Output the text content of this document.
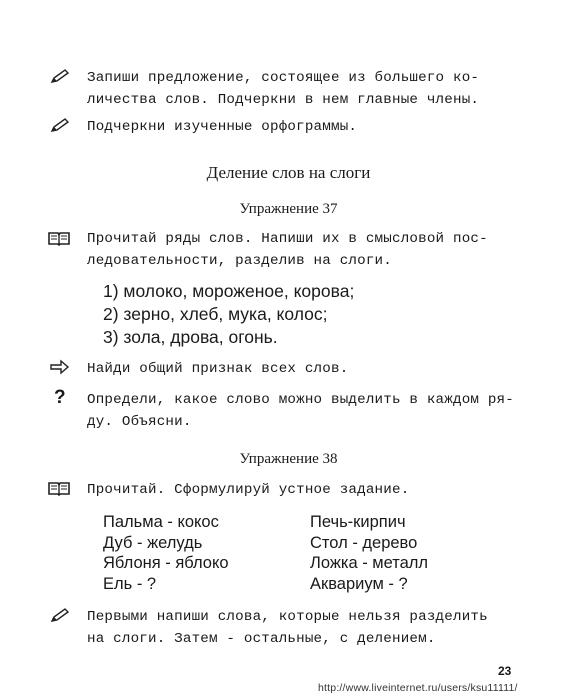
Запиши предложение, состоящее из большего ко-
личества слов. Подчеркни в нем главные члены.
Подчеркни изученные орфограммы.
Деление слов на слоги
Упражнение 37
Прочитай ряды слов. Напиши их в смысловой пос-
ледовательности, разделив на слоги.
1) молоко, мороженое, корова;
2) зерно, хлеб, мука, колос;
3) зола, дрова, огонь.
Найди общий признак всех слов.
? Определи, какое слово можно выделить в каждом ря-
ду. Объясни.
Упражнение 38
Прочитай. Сформулируй устное задание.
Пальма - кокос
Дуб - желудь
Яблоня - яблоко
Ель - ?
Печь-кирпич
Стол - дерево
Ложка - металл
Аквариум - ?
Первыми напиши слова, которые нельзя разделить
на слоги. Затем - остальные, с делением.
23
http://www.liveinternet.ru/users/ksu11111/
